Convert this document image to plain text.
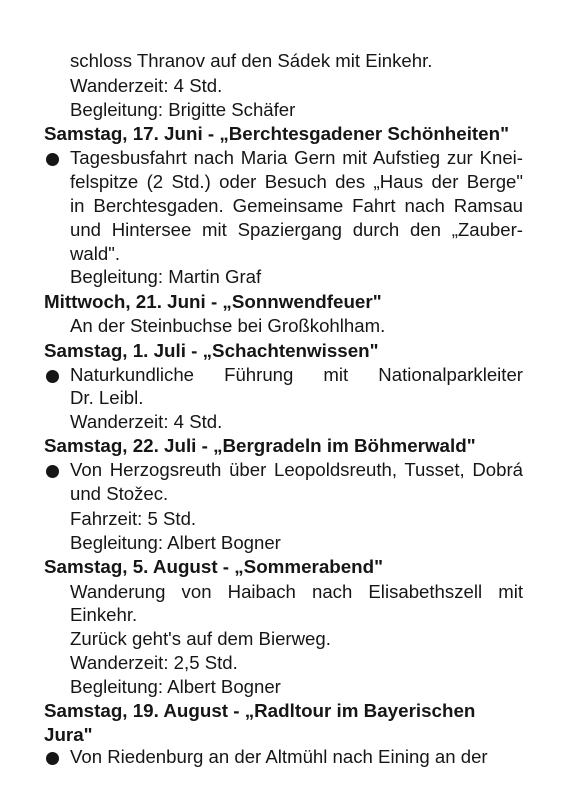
schloss Thranov auf den Sádek mit Einkehr.
Wanderzeit: 4 Std.
Begleitung: Brigitte Schäfer
Samstag, 17. Juni - „Berchtesgadener Schönheiten"
Tagesbusfahrt nach Maria Gern mit Aufstieg zur Knei-
felspitze (2 Std.) oder Besuch des „Haus der Berge"
in Berchtesgaden. Gemeinsame Fahrt nach Ramsau
und Hintersee mit Spaziergang durch den „Zauber-
wald".
Begleitung: Martin Graf
Mittwoch, 21. Juni - „Sonnwendfeuer"
An der Steinbuchse bei Großkohlham.
Samstag, 1. Juli - „Schachtenwissen"
Naturkundliche Führung mit Nationalparkleiter
Dr. Leibl.
Wanderzeit: 4 Std.
Samstag, 22. Juli - „Bergradeln im Böhmerwald"
Von Herzogsreuth über Leopoldsreuth, Tusset, Dobrá
und Stožec.
Fahrzeit: 5 Std.
Begleitung: Albert Bogner
Samstag, 5. August - „Sommerabend"
Wanderung von Haibach nach Elisabethszell mit
Einkehr.
Zurück geht's auf dem Bierweg.
Wanderzeit: 2,5 Std.
Begleitung: Albert Bogner
Samstag, 19. August - „Radltour im Bayerischen
Jura"
Von Riedenburg an der Altmühl nach Eining an der
